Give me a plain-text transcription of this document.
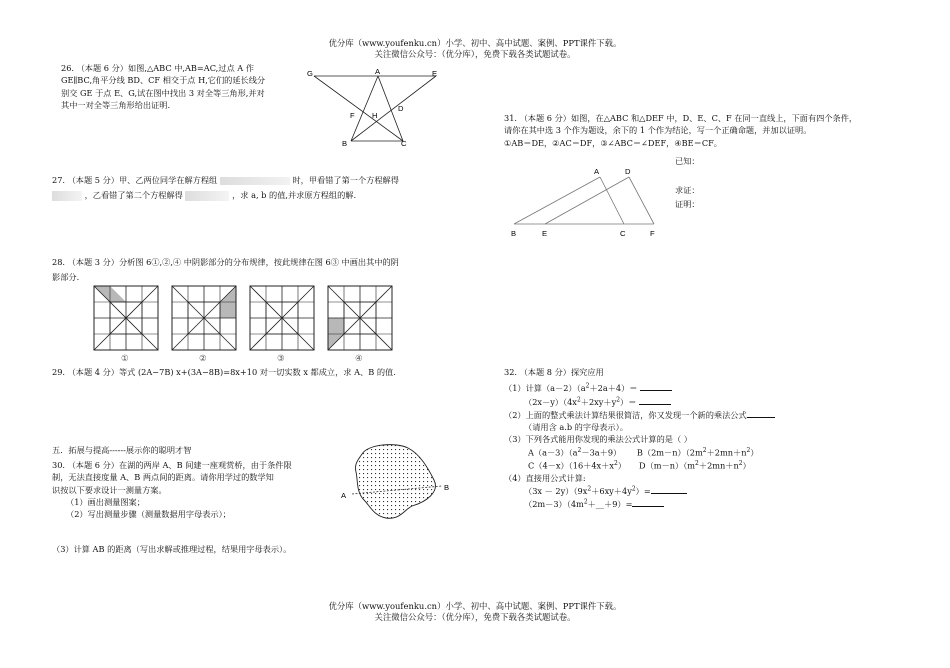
优分库（www.youfenku.cn）小学、初中、高中试题、案例、PPT课件下载。
关注微信公众号：（优分库），免费下载各类试题试卷。
26. （本题 6 分）如图,△ABC 中,AB=AC,过点 A 作
GE∥BC,角平分线 BD、CF 相交于点 H,它们的延长线分
别交 GE 于点 E、G,试在图中找出 3 对全等三角形,并对
其中一对全等三角形给出证明.
G	A	E
F H
D
B	C
27. （本题 5 分）甲、乙两位同学在解方程组	时，甲看错了第一个方程解得
，乙看错了第二个方程解得	，求 a, b 的值,并求原方程组的解.
28. （本题 3 分）分析图 6①,②,④ 中阴影部分的分布规律，按此规律在图 6③ 中画出其中的阴
影部分.
①	②	③	④
29. （本题 4 分）等式 (2A−7B) x+(3A−8B)=8x+10 对一切实数 x 都成立，求 A、B 的值.
五．拓展与提高------展示你的聪明才智
30. （本题 6 分）在湖的两岸 A、B 间建一座观赏桥，由于条件限
制，无法直接度量 A、B 两点间的距离。请你用学过的数学知
识按以下要求设计一测量方案。
（1）画出测量图案；
（2）写出测量步骤（测量数据用字母表示）；
（3）计算 AB 的距离（写出求解或推理过程，结果用字母表示）。
A
B
31. （本题 6 分）如图，在△ABC 和△DEF 中，D、E、C、F 在同一直线上，下面有四个条件，
请你在其中选 3 个作为题设，余下的 1 个作为结论，写一个正确命题，并加以证明。
①AB＝DE，②AC＝DF，③∠ABC＝∠DEF，④BE＝CF。
已知：
求证：
证明：
A	D
B	E	C	F
32. （本题 8 分）探究应用
（1）计算$(a-2)(a^2+2a+4)=$
$(2x-y)(4x^2+2xy+y^2)=$
（2）上面的整式乘法计算结果很简洁，你又发现一个新的乘法公式
（请用含 a.b 的字母表示）。
（3）下列各式能用你发现的乘法公式计算的是（ ）
$A(a-3)(a^2-3a+9)$ $B(2m-n)(2m^2+2mn+n^2)$
$C(4-x)(16+4x+x^2)$ $D(m-n)(m^2+2mn+n^2)$
（4）直接用公式计算:
$(3x - 2y)(9x^2+6xy+4y^2)=$
$(2m-3)(4m^2+\_\_+9)=$
优分库（www.youfenku.cn）小学、初中、高中试题、案例、PPT课件下载。
关注微信公众号：（优分库），免费下载各类试题试卷。
